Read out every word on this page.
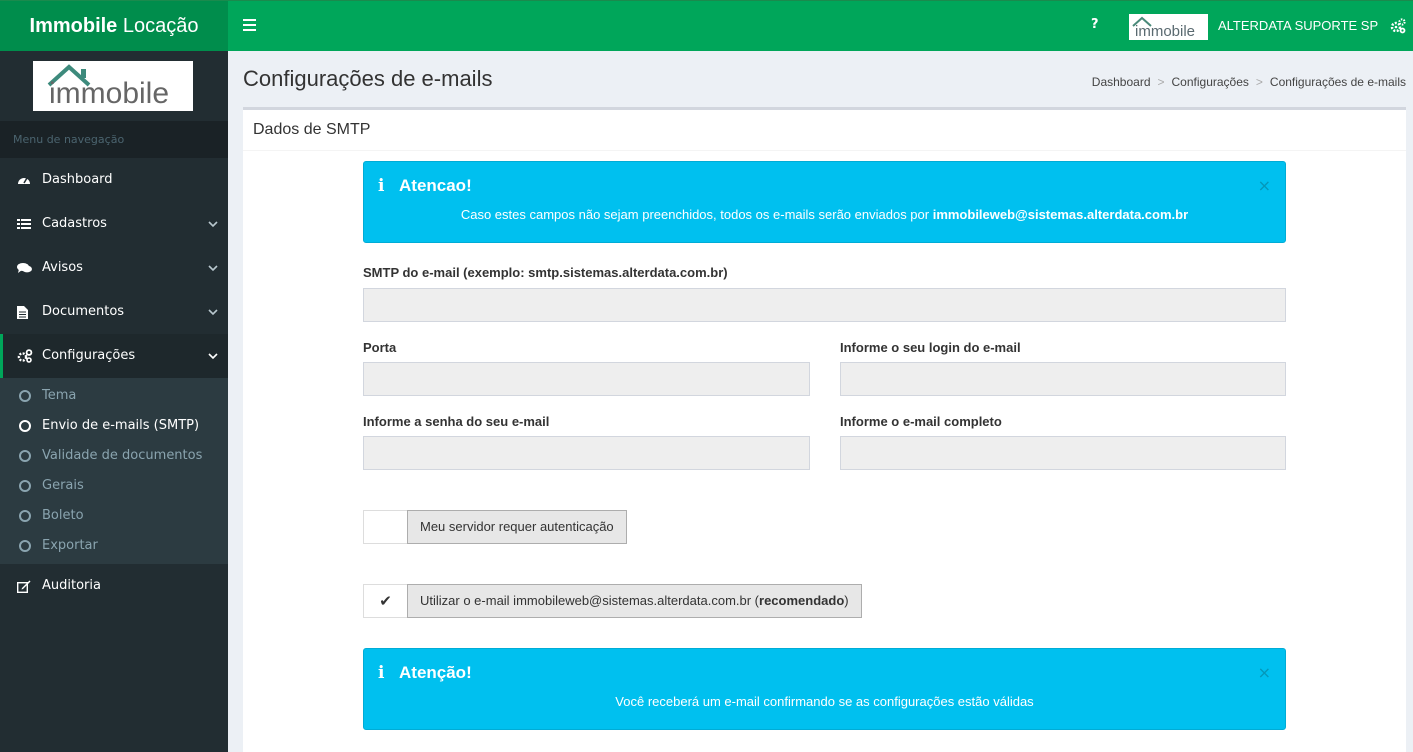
Immobile Locação	? immobile ALTERDATA SUPORTE SP
immobile
Menu de navegação
Dashboard
Cadastros
Avisos
Documentos
Configurações
Tema
Envio de e-mails (SMTP)
Validade de documentos
Gerais
Boleto
Exportar
Auditoria
Configurações de e-mails	Dashboard > Configurações > Configurações de e-mails
Dados de SMTP
i Atencao!	×
Caso estes campos não sejam preenchidos, todos os e-mails serão enviados por immobileweb@sistemas.alterdata.com.br
SMTP do e-mail (exemplo: smtp.sistemas.alterdata.com.br)
Porta	Informe o seu login do e-mail
Informe a senha do seu e-mail	Informe o e-mail completo
Meu servidor requer autenticação
✔	Utilizar o e-mail immobileweb@sistemas.alterdata.com.br (recomendado)
i Atenção!	×
Você receberá um e-mail confirmando se as configurações estão válidas
